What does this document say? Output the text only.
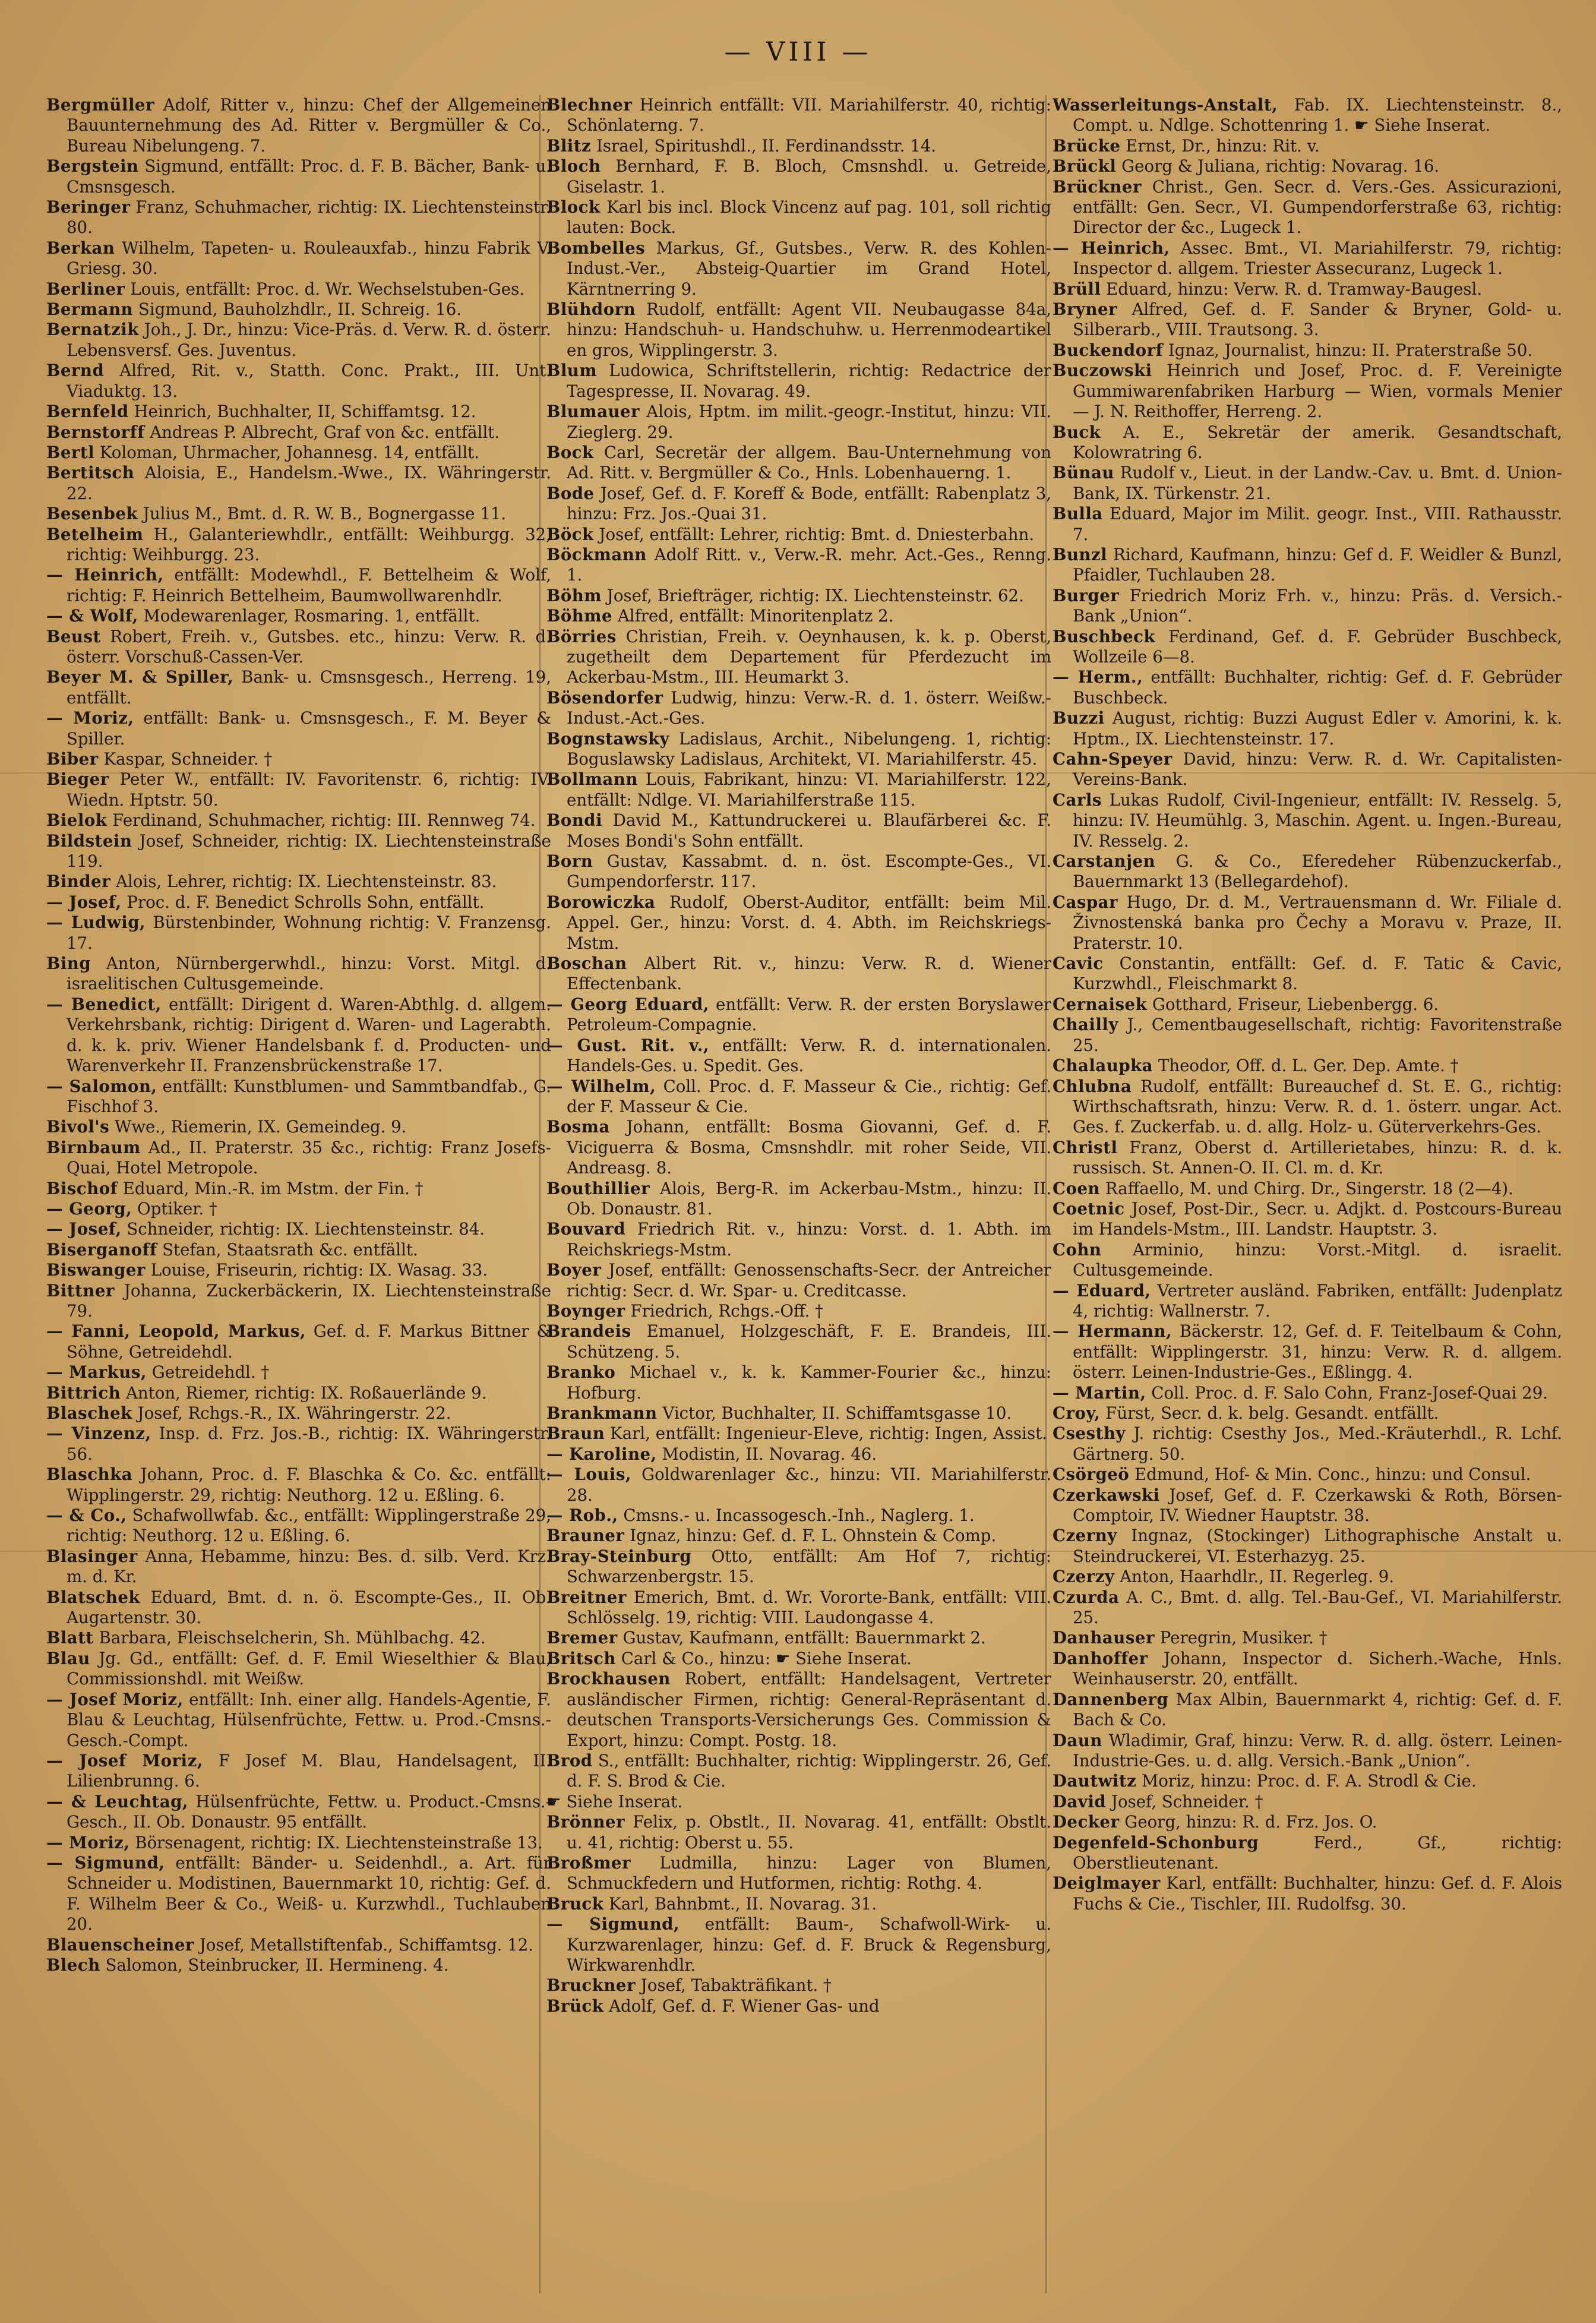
— VIII —
Bergmüller Adolf, Ritter v., hinzu: Chef der Allgemeinen Bauunternehmung des Ad. Ritter v. Bergmüller & Co., Bureau Nibelungeng. 7.
Bergstein Sigmund, entfällt: Proc. d. F. B. Bächer, Bank- u. Cmsnsgesch.
Beringer Franz, Schuhmacher, richtig: IX. Liechtensteinstr. 80.
Berkan Wilhelm, Tapeten- u. Rouleauxfab., hinzu Fabrik V. Griesg. 30.
Berliner Louis, entfällt: Proc. d. Wr. Wechselstuben-Ges.
Bermann Sigmund, Bauholzhdlr., II. Schreig. 16.
Bernatzik Joh., J. Dr., hinzu: Vice-Präs. d. Verw. R. d. österr. Lebensversf. Ges. Juventus.
Bernd Alfred, Rit. v., Statth. Conc. Prakt., III. Unt. Viaduktg. 13.
Bernfeld Heinrich, Buchhalter, II, Schiffamtsg. 12.
Bernstorff Andreas P. Albrecht, Graf von &c. entfällt.
Bertl Koloman, Uhrmacher, Johannesg. 14, entfällt.
Bertitsch Aloisia, E., Handelsm.-Wwe., IX. Währingerstr. 22.
Besenbek Julius M., Bmt. d. R. W. B., Bognergasse 11.
Betelheim H., Galanteriewhdlr., entfällt: Weihburgg. 32, richtig: Weihburgg. 23.
— Heinrich, entfällt: Modewhdl., F. Bettelheim & Wolf, richtig: F. Heinrich Bettelheim, Baumwollwarenhdlr.
— & Wolf, Modewarenlager, Rosmaring. 1, entfällt.
Beust Robert, Freih. v., Gutsbes. etc., hinzu: Verw. R. d. österr. Vorschuß-Cassen-Ver.
Beyer M. & Spiller, Bank- u. Cmsnsgesch., Herreng. 19, entfällt.
— Moriz, entfällt: Bank- u. Cmsnsgesch., F. M. Beyer & Spiller.
Biber Kaspar, Schneider. †
Bieger Peter W., entfällt: IV. Favoritenstr. 6, richtig: IV. Wiedn. Hptstr. 50.
Bielok Ferdinand, Schuhmacher, richtig: III. Rennweg 74.
Bildstein Josef, Schneider, richtig: IX. Liechtensteinstraße 119.
Binder Alois, Lehrer, richtig: IX. Liechtensteinstr. 83.
— Josef, Proc. d. F. Benedict Schrolls Sohn, entfällt.
— Ludwig, Bürstenbinder, Wohnung richtig: V. Franzensg. 17.
Bing Anton, Nürnbergerwhdl., hinzu: Vorst. Mitgl. d. israelitischen Cultusgemeinde.
— Benedict, entfällt: Dirigent d. Waren-Abthlg. d. allgem. Verkehrsbank, richtig: Dirigent d. Waren- und Lagerabth. d. k. k. priv. Wiener Handelsbank f. d. Producten- und Warenverkehr II. Franzensbrückenstraße 17.
— Salomon, entfällt: Kunstblumen- und Sammtbandfab., G. Fischhof 3.
Bivol's Wwe., Riemerin, IX. Gemeindeg. 9.
Birnbaum Ad., II. Praterstr. 35 &c., richtig: Franz Josefs-Quai, Hotel Metropole.
Bischof Eduard, Min.-R. im Mstm. der Fin. †
— Georg, Optiker. †
— Josef, Schneider, richtig: IX. Liechtensteinstr. 84.
Biserganoff Stefan, Staatsrath &c. entfällt.
Biswanger Louise, Friseurin, richtig: IX. Wasag. 33.
Bittner Johanna, Zuckerbäckerin, IX. Liechtensteinstraße 79.
— Fanni, Leopold, Markus, Gef. d. F. Markus Bittner & Söhne, Getreidehdl.
— Markus, Getreidehdl. †
Bittrich Anton, Riemer, richtig: IX. Roßauerlände 9.
Blaschek Josef, Rchgs.-R., IX. Währingerstr. 22.
— Vinzenz, Insp. d. Frz. Jos.-B., richtig: IX. Währingerstr. 56.
Blaschka Johann, Proc. d. F. Blaschka & Co. &c. entfällt: Wipplingerstr. 29, richtig: Neuthorg. 12 u. Eßling. 6.
— & Co., Schafwollwfab. &c., entfällt: Wipplingerstraße 29, richtig: Neuthorg. 12 u. Eßling. 6.
Blasinger Anna, Hebamme, hinzu: Bes. d. silb. Verd. Krz. m. d. Kr.
Blatschek Eduard, Bmt. d. n. ö. Escompte-Ges., II. Ob. Augartenstr. 30.
Blatt Barbara, Fleischselcherin, Sh. Mühlbachg. 42.
Blau Jg. Gd., entfällt: Gef. d. F. Emil Wieselthier & Blau, Commissionshdl. mit Weißw.
— Josef Moriz, entfällt: Inh. einer allg. Handels-Agentie, F. Blau & Leuchtag, Hülsenfrüchte, Fettw. u. Prod.-Cmsns.-Gesch.-Compt.
— Josef Moriz, F Josef M. Blau, Handelsagent, II. Lilienbrunng. 6.
— & Leuchtag, Hülsenfrüchte, Fettw. u. Product.-Cmsns.-Gesch., II. Ob. Donaustr. 95 entfällt.
— Moriz, Börsenagent, richtig: IX. Liechtensteinstraße 13.
— Sigmund, entfällt: Bänder- u. Seidenhdl., a. Art. für Schneider u. Modistinen, Bauernmarkt 10, richtig: Gef. d. F. Wilhelm Beer & Co., Weiß- u. Kurzwhdl., Tuchlauben 20.
Blauenscheiner Josef, Metallstiftenfab., Schiffamtsg. 12.
Blech Salomon, Steinbrucker, II. Hermineng. 4.
Blechner Heinrich entfällt: VII. Mariahilferstr. 40, richtig: Schönlaterng. 7.
Blitz Israel, Spiritushdl., II. Ferdinandsstr. 14.
Bloch Bernhard, F. B. Bloch, Cmsnshdl. u. Getreide, Giselastr. 1.
Block Karl bis incl. Block Vincenz auf pag. 101, soll richtig lauten: Bock.
Bombelles Markus, Gf., Gutsbes., Verw. R. des Kohlen-Indust.-Ver., Absteig-Quartier im Grand Hotel, Kärntnerring 9.
Blühdorn Rudolf, entfällt: Agent VII. Neubaugasse 84a, hinzu: Handschuh- u. Handschuhw. u. Herrenmodeartikel en gros, Wipplingerstr. 3.
Blum Ludowica, Schriftstellerin, richtig: Redactrice der Tagespresse, II. Novarag. 49.
Blumauer Alois, Hptm. im milit.-geogr.-Institut, hinzu: VII. Zieglerg. 29.
Bock Carl, Secretär der allgem. Bau-Unternehmung von Ad. Ritt. v. Bergmüller & Co., Hnls. Lobenhauerng. 1.
Bode Josef, Gef. d. F. Koreff & Bode, entfällt: Rabenplatz 3, hinzu: Frz. Jos.-Quai 31.
Böck Josef, entfällt: Lehrer, richtig: Bmt. d. Dniesterbahn.
Böckmann Adolf Ritt. v., Verw.-R. mehr. Act.-Ges., Renng. 1.
Böhm Josef, Briefträger, richtig: IX. Liechtensteinstr. 62.
Böhme Alfred, entfällt: Minoritenplatz 2.
Börries Christian, Freih. v. Oeynhausen, k. k. p. Oberst, zugetheilt dem Departement für Pferdezucht im Ackerbau-Mstm., III. Heumarkt 3.
Bösendorfer Ludwig, hinzu: Verw.-R. d. 1. österr. Weißw.-Indust.-Act.-Ges.
Bognstawsky Ladislaus, Archit., Nibelungeng. 1, richtig: Boguslawsky Ladislaus, Architekt, VI. Mariahilferstr. 45.
Bollmann Louis, Fabrikant, hinzu: VI. Mariahilferstr. 122, entfällt: Ndlge. VI. Mariahilferstraße 115.
Bondi David M., Kattundruckerei u. Blaufärberei &c. F. Moses Bondi's Sohn entfällt.
Born Gustav, Kassabmt. d. n. öst. Escompte-Ges., VI. Gumpendorferstr. 117.
Borowiczka Rudolf, Oberst-Auditor, entfällt: beim Mil. Appel. Ger., hinzu: Vorst. d. 4. Abth. im Reichskriegs-Mstm.
Boschan Albert Rit. v., hinzu: Verw. R. d. Wiener Effectenbank.
— Georg Eduard, entfällt: Verw. R. der ersten Boryslawer Petroleum-Compagnie.
— Gust. Rit. v., entfällt: Verw. R. d. internationalen. Handels-Ges. u. Spedit. Ges.
— Wilhelm, Coll. Proc. d. F. Masseur & Cie., richtig: Gef. der F. Masseur & Cie.
Bosma Johann, entfällt: Bosma Giovanni, Gef. d. F. Viciguerra & Bosma, Cmsnshdlr. mit roher Seide, VII. Andreasg. 8.
Bouthillier Alois, Berg-R. im Ackerbau-Mstm., hinzu: II. Ob. Donaustr. 81.
Bouvard Friedrich Rit. v., hinzu: Vorst. d. 1. Abth. im Reichskriegs-Mstm.
Boyer Josef, entfällt: Genossenschafts-Secr. der Antreicher richtig: Secr. d. Wr. Spar- u. Creditcasse.
Boynger Friedrich, Rchgs.-Off. †
Brandeis Emanuel, Holzgeschäft, F. E. Brandeis, III. Schützeng. 5.
Branko Michael v., k. k. Kammer-Fourier &c., hinzu: Hofburg.
Brankmann Victor, Buchhalter, II. Schiffamtsgasse 10.
Braun Karl, entfällt: Ingenieur-Eleve, richtig: Ingen, Assist.
— Karoline, Modistin, II. Novarag. 46.
— Louis, Goldwarenlager &c., hinzu: VII. Mariahilferstr. 28.
— Rob., Cmsns.- u. Incassogesch.-Inh., Naglerg. 1.
Brauner Ignaz, hinzu: Gef. d. F. L. Ohnstein & Comp.
Bray-Steinburg Otto, entfällt: Am Hof 7, richtig: Schwarzenbergstr. 15.
Breitner Emerich, Bmt. d. Wr. Vororte-Bank, entfällt: VIII. Schlösselg. 19, richtig: VIII. Laudongasse 4.
Bremer Gustav, Kaufmann, entfällt: Bauernmarkt 2.
Britsch Carl & Co., hinzu: ☛ Siehe Inserat.
Brockhausen Robert, entfällt: Handelsagent, Vertreter ausländischer Firmen, richtig: General-Repräsentant d. deutschen Transports-Versicherungs Ges. Commission & Export, hinzu: Compt. Postg. 18.
Brod S., entfällt: Buchhalter, richtig: Wipplingerstr. 26, Gef. d. F. S. Brod & Cie.
☛ Siehe Inserat.
Brönner Felix, p. Obstlt., II. Novarag. 41, entfällt: Obstlt. u. 41, richtig: Oberst u. 55.
Broßmer Ludmilla, hinzu: Lager von Blumen, Schmuckfedern und Hutformen, richtig: Rothg. 4.
Bruck Karl, Bahnbmt., II. Novarag. 31.
— Sigmund, entfällt: Baum-, Schafwoll-Wirk- u. Kurzwarenlager, hinzu: Gef. d. F. Bruck & Regensburg, Wirkwarenhdlr.
Bruckner Josef, Tabakträfikant. †
Brück Adolf, Gef. d. F. Wiener Gas- und
Wasserleitungs-Anstalt, Fab. IX. Liechtensteinstr. 8., Compt. u. Ndlge. Schottenring 1. ☛ Siehe Inserat.
Brücke Ernst, Dr., hinzu: Rit. v.
Brückl Georg & Juliana, richtig: Novarag. 16.
Brückner Christ., Gen. Secr. d. Vers.-Ges. Assicurazioni, entfällt: Gen. Secr., VI. Gumpendorferstraße 63, richtig: Director der &c., Lugeck 1.
— Heinrich, Assec. Bmt., VI. Mariahilferstr. 79, richtig: Inspector d. allgem. Triester Assecuranz, Lugeck 1.
Brüll Eduard, hinzu: Verw. R. d. Tramway-Baugesl.
Bryner Alfred, Gef. d. F. Sander & Bryner, Gold- u. Silberarb., VIII. Trautsong. 3.
Buckendorf Ignaz, Journalist, hinzu: II. Praterstraße 50.
Buczowski Heinrich und Josef, Proc. d. F. Vereinigte Gummiwarenfabriken Harburg — Wien, vormals Menier — J. N. Reithoffer, Herreng. 2.
Buck A. E., Sekretär der amerik. Gesandtschaft, Kolowratring 6.
Bünau Rudolf v., Lieut. in der Landw.-Cav. u. Bmt. d. Union-Bank, IX. Türkenstr. 21.
Bulla Eduard, Major im Milit. geogr. Inst., VIII. Rathausstr. 7.
Bunzl Richard, Kaufmann, hinzu: Gef d. F. Weidler & Bunzl, Pfaidler, Tuchlauben 28.
Burger Friedrich Moriz Frh. v., hinzu: Präs. d. Versich.-Bank „Union“.
Buschbeck Ferdinand, Gef. d. F. Gebrüder Buschbeck, Wollzeile 6—8.
— Herm., entfällt: Buchhalter, richtig: Gef. d. F. Gebrüder Buschbeck.
Buzzi August, richtig: Buzzi August Edler v. Amorini, k. k. Hptm., IX. Liechtensteinstr. 17.
Cahn-Speyer David, hinzu: Verw. R. d. Wr. Capitalisten-Vereins-Bank.
Carls Lukas Rudolf, Civil-Ingenieur, entfällt: IV. Resselg. 5, hinzu: IV. Heumühlg. 3, Maschin. Agent. u. Ingen.-Bureau, IV. Resselg. 2.
Carstanjen G. & Co., Eferedeher Rübenzuckerfab., Bauernmarkt 13 (Bellegardehof).
Caspar Hugo, Dr. d. M., Vertrauensmann d. Wr. Filiale d. Živnostenská banka pro Čechy a Moravu v. Praze, II. Praterstr. 10.
Cavic Constantin, entfällt: Gef. d. F. Tatic & Cavic, Kurzwhdl., Fleischmarkt 8.
Cernaisek Gotthard, Friseur, Liebenbergg. 6.
Chailly J., Cementbaugesellschaft, richtig: Favoritenstraße 25.
Chalaupka Theodor, Off. d. L. Ger. Dep. Amte. †
Chlubna Rudolf, entfällt: Bureauchef d. St. E. G., richtig: Wirthschaftsrath, hinzu: Verw. R. d. 1. österr. ungar. Act. Ges. f. Zuckerfab. u. d. allg. Holz- u. Güterverkehrs-Ges.
Christl Franz, Oberst d. Artillerietabes, hinzu: R. d. k. russisch. St. Annen-O. II. Cl. m. d. Kr.
Coen Raffaello, M. und Chirg. Dr., Singerstr. 18 (2—4).
Coetnic Josef, Post-Dir., Secr. u. Adjkt. d. Postcours-Bureau im Handels-Mstm., III. Landstr. Hauptstr. 3.
Cohn Arminio, hinzu: Vorst.-Mitgl. d. israelit. Cultusgemeinde.
— Eduard, Vertreter ausländ. Fabriken, entfällt: Judenplatz 4, richtig: Wallnerstr. 7.
— Hermann, Bäckerstr. 12, Gef. d. F. Teitelbaum & Cohn, entfällt: Wipplingerstr. 31, hinzu: Verw. R. d. allgem. österr. Leinen-Industrie-Ges., Eßlingg. 4.
— Martin, Coll. Proc. d. F. Salo Cohn, Franz-Josef-Quai 29.
Croy, Fürst, Secr. d. k. belg. Gesandt. entfällt.
Csesthy J. richtig: Csesthy Jos., Med.-Kräuterhdl., R. Lchf. Gärtnerg. 50.
Csörgeö Edmund, Hof- & Min. Conc., hinzu: und Consul.
Czerkawski Josef, Gef. d. F. Czerkawski & Roth, Börsen-Comptoir, IV. Wiedner Hauptstr. 38.
Czerny Ingnaz, (Stockinger) Lithographische Anstalt u. Steindruckerei, VI. Esterhazyg. 25.
Czerzy Anton, Haarhdlr., II. Regerleg. 9.
Czurda A. C., Bmt. d. allg. Tel.-Bau-Gef., VI. Mariahilferstr. 25.
Danhauser Peregrin, Musiker. †
Danhoffer Johann, Inspector d. Sicherh.-Wache, Hnls. Weinhauserstr. 20, entfällt.
Dannenberg Max Albin, Bauernmarkt 4, richtig: Gef. d. F. Bach & Co.
Daun Wladimir, Graf, hinzu: Verw. R. d. allg. österr. Leinen-Industrie-Ges. u. d. allg. Versich.-Bank „Union“.
Dautwitz Moriz, hinzu: Proc. d. F. A. Strodl & Cie.
David Josef, Schneider. †
Decker Georg, hinzu: R. d. Frz. Jos. O.
Degenfeld-Schonburg Ferd., Gf., richtig: Oberstlieutenant.
Deiglmayer Karl, entfällt: Buchhalter, hinzu: Gef. d. F. Alois Fuchs & Cie., Tischler, III. Rudolfsg. 30.
